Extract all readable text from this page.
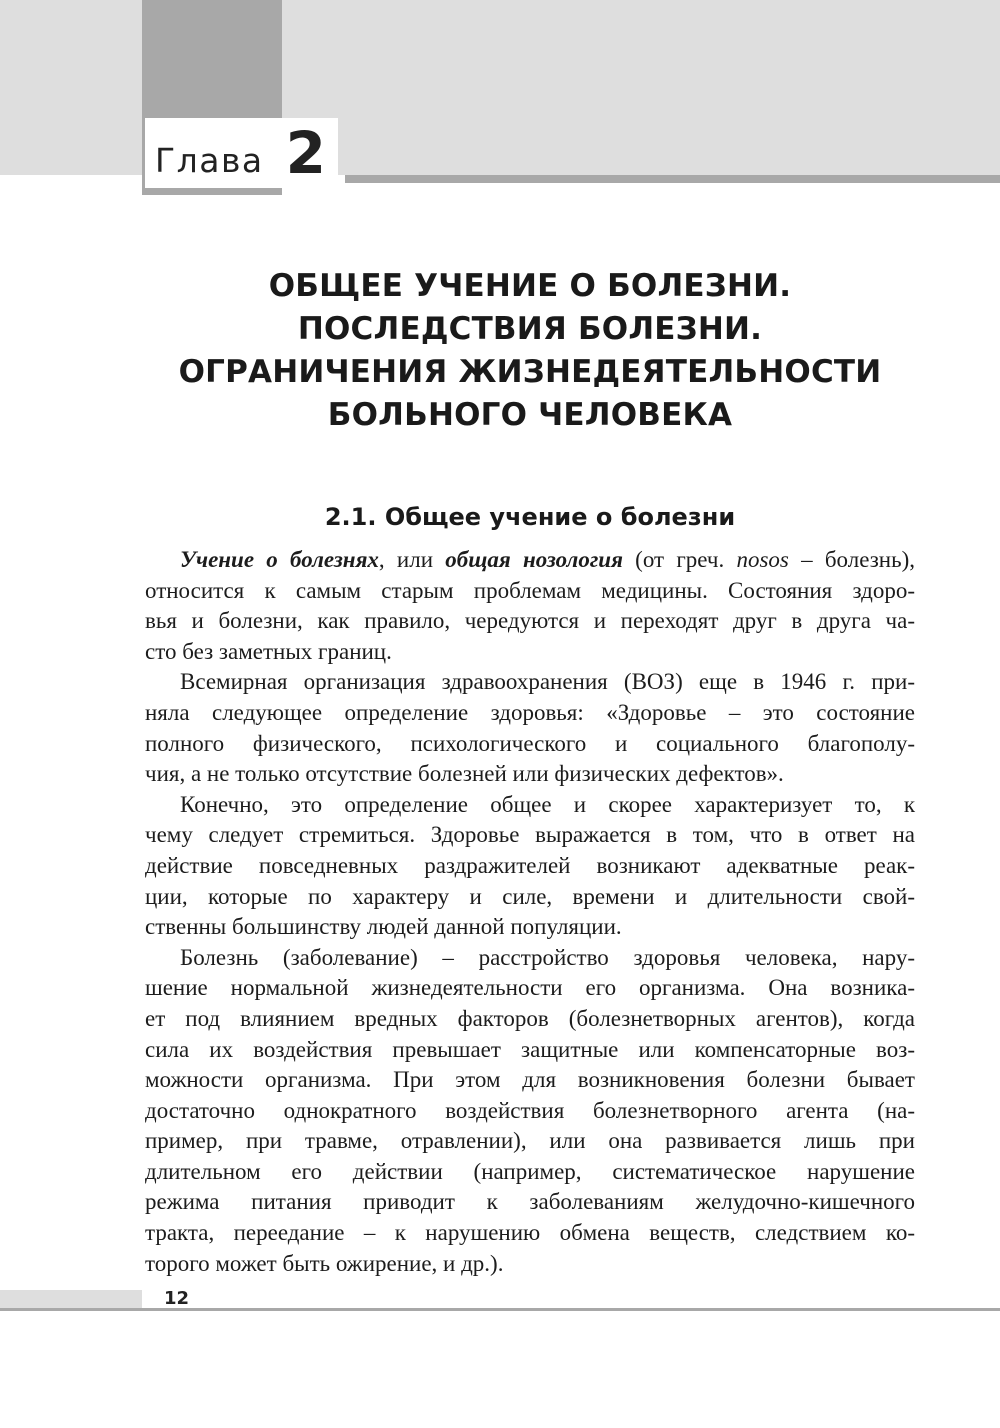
Глава 2
ОБЩЕЕ УЧЕНИЕ О БОЛЕЗНИ.
ПОСЛЕДСТВИЯ БОЛЕЗНИ.
ОГРАНИЧЕНИЯ ЖИЗНЕДЕЯТЕЛЬНОСТИ
БОЛЬНОГО ЧЕЛОВЕКА
2.1. Общее учение о болезни
Учение о болезнях, или общая нозология (от греч. nosos – болезнь),
относится к самым старым проблемам медицины. Состояния здоро-
вья и болезни, как правило, чередуются и переходят друг в друга ча-
сто без заметных границ.
Всемирная организация здравоохранения (ВОЗ) еще в 1946 г. при-
няла следующее определение здоровья: «Здоровье – это состояние
полного физического, психологического и социального благополу-
чия, а не только отсутствие болезней или физических дефектов».
Конечно, это определение общее и скорее характеризует то, к
чему следует стремиться. Здоровье выражается в том, что в ответ на
действие повседневных раздражителей возникают адекватные реак-
ции, которые по характеру и силе, времени и длительности свой-
ственны большинству людей данной популяции.
Болезнь (заболевание) – расстройство здоровья человека, нару-
шение нормальной жизнедеятельности его организма. Она возника-
ет под влиянием вредных факторов (болезнетворных агентов), когда
сила их воздействия превышает защитные или компенсаторные воз-
можности организма. При этом для возникновения болезни бывает
достаточно однократного воздействия болезнетворного агента (на-
пример, при травме, отравлении), или она развивается лишь при
длительном его действии (например, систематическое нарушение
режима питания приводит к заболеваниям желудочно-кишечного
тракта, переедание – к нарушению обмена веществ, следствием ко-
торого может быть ожирение, и др.).
12
